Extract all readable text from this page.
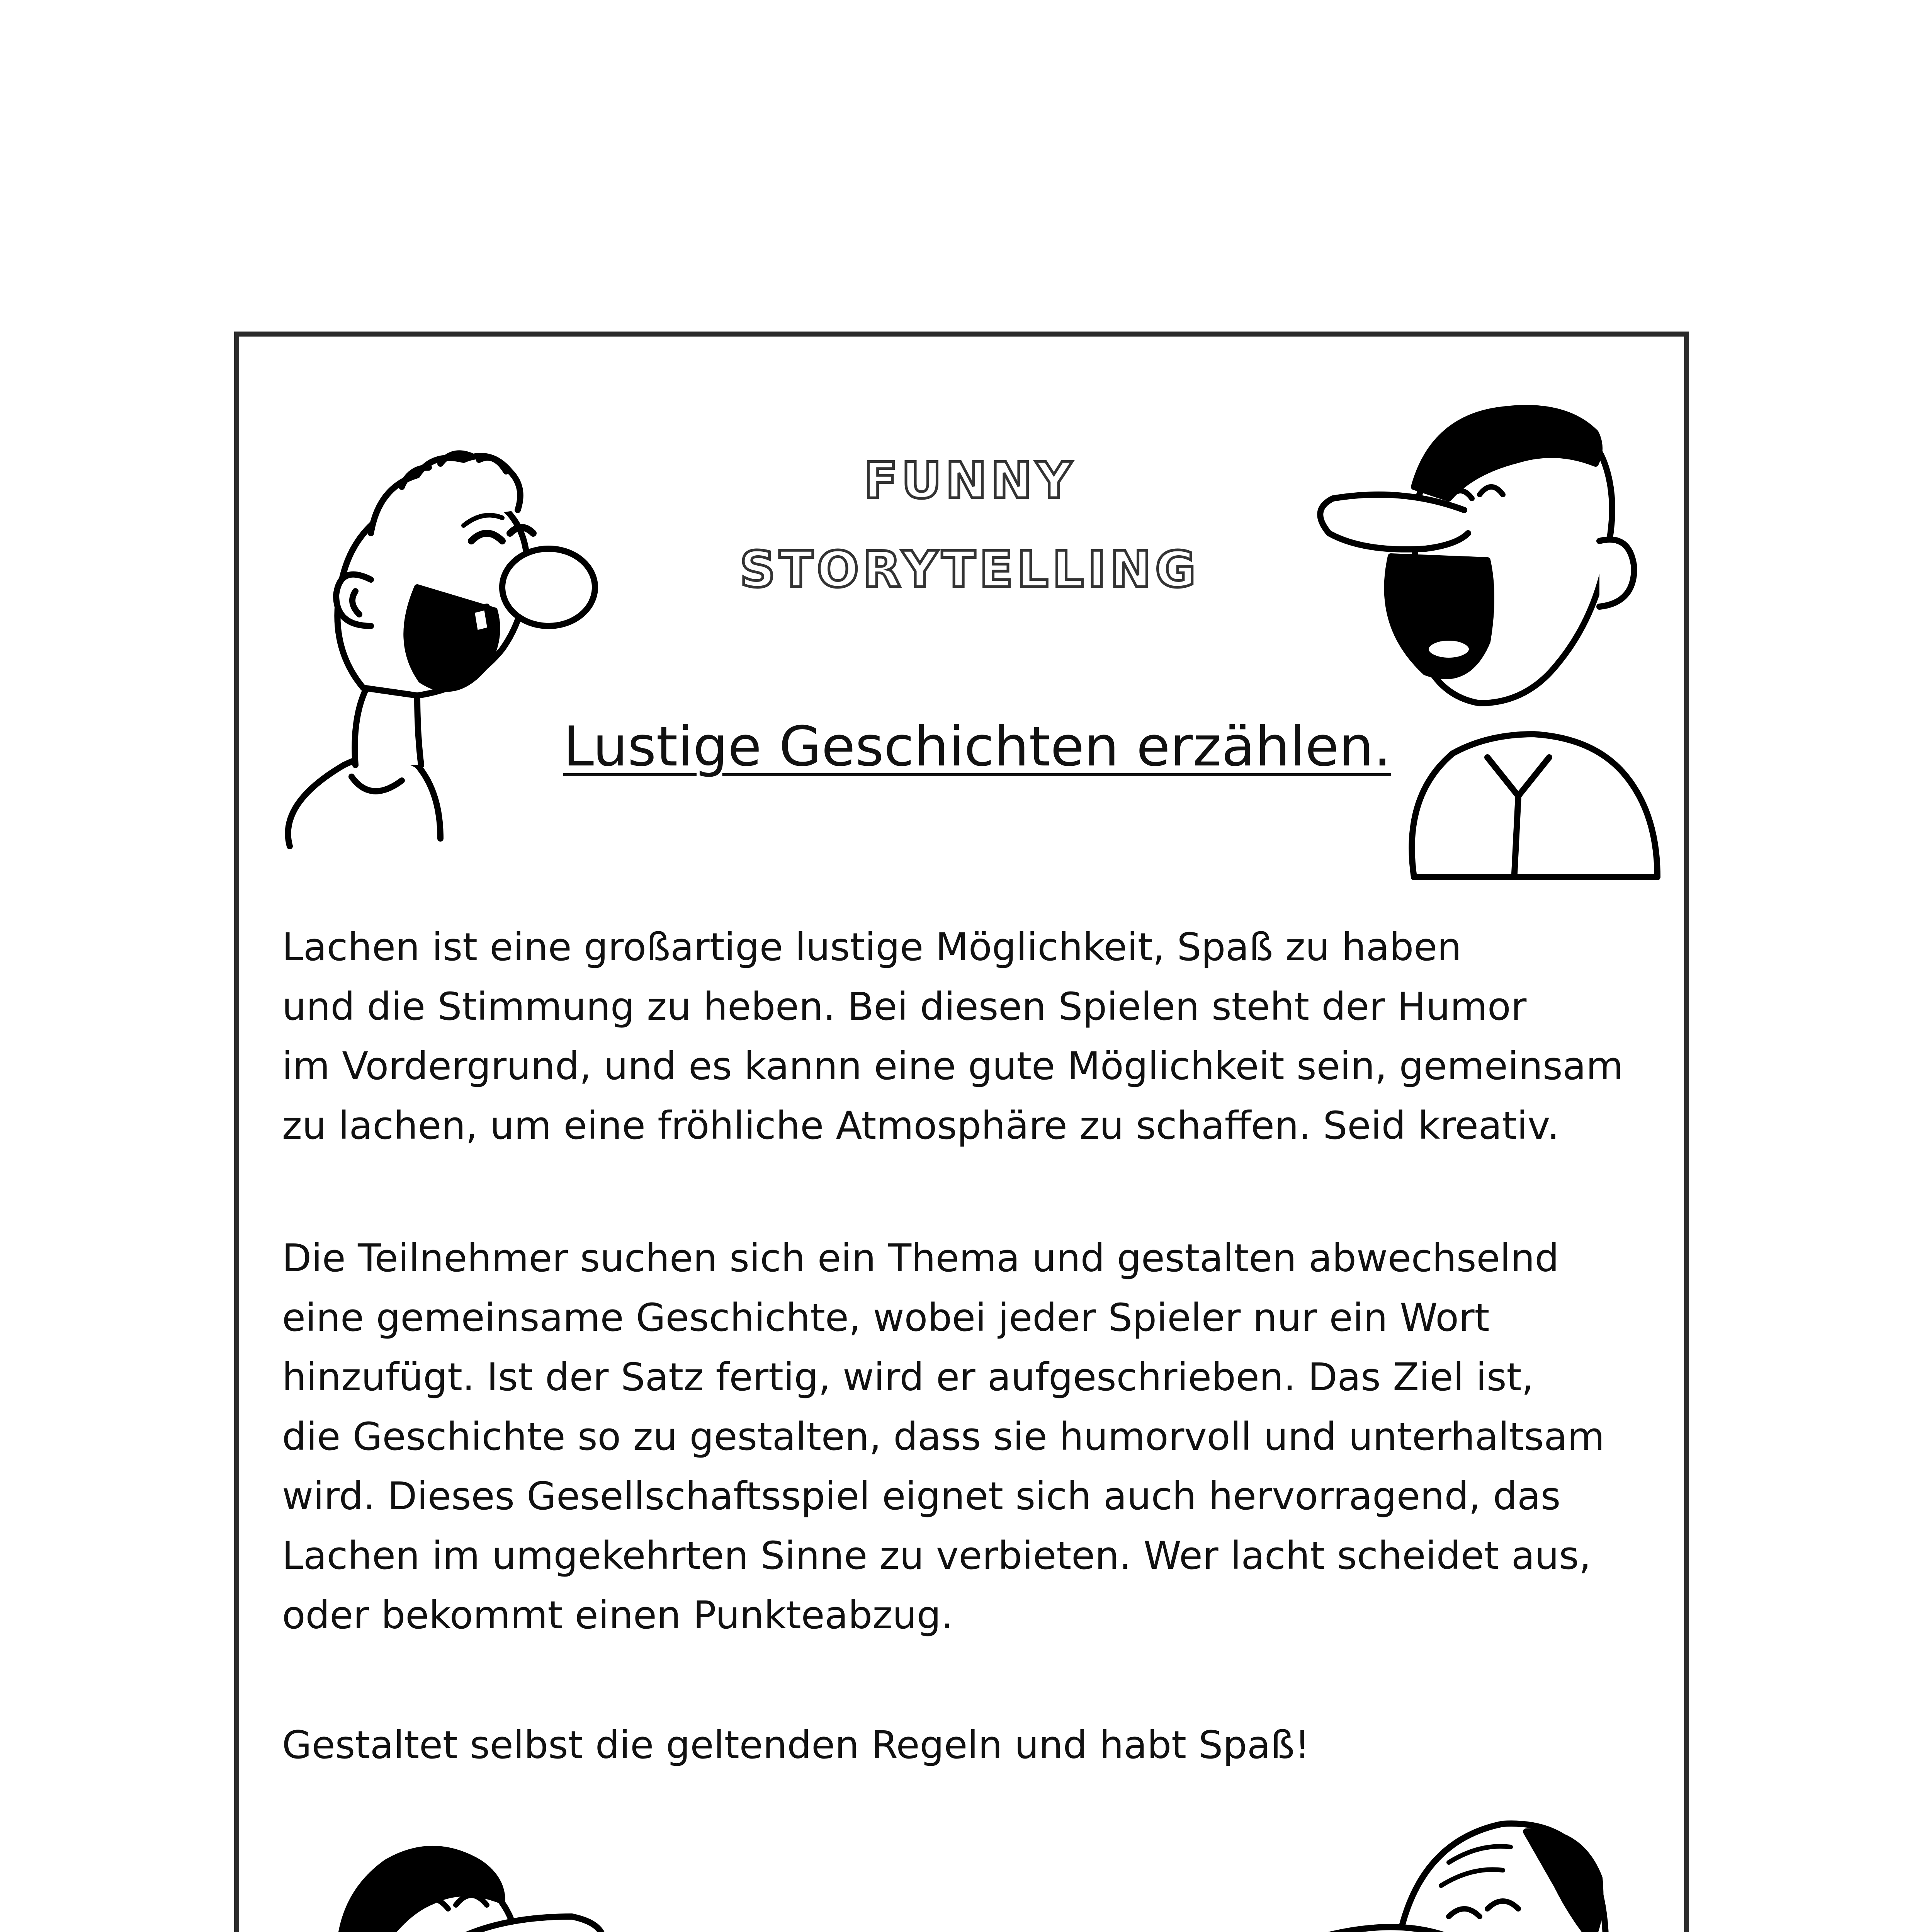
FUNNY
STORYTELLING
Lustige Geschichten erzählen.

Lachen ist eine großartige lustige Möglichkeit, Spaß zu haben

und die Stimmung zu heben. Bei diesen Spielen steht der Humor

im Vordergrund, und es kannn eine gute Möglichkeit sein, gemeinsam

zu lachen, um eine fröhliche Atmosphäre zu schaffen. Seid kreativ.

Die Teilnehmer suchen sich ein Thema und gestalten abwechselnd

eine gemeinsame Geschichte, wobei jeder Spieler nur ein Wort

hinzufügt. Ist der Satz fertig, wird er aufgeschrieben. Das Ziel ist,

die Geschichte so zu gestalten, dass sie humorvoll und unterhaltsam

wird. Dieses Gesellschaftsspiel eignet sich auch hervorragend, das

Lachen im umgekehrten Sinne zu verbieten. Wer lacht scheidet aus,

oder bekommt einen Punkteabzug.

Gestaltet selbst die geltenden Regeln und habt Spaß!
